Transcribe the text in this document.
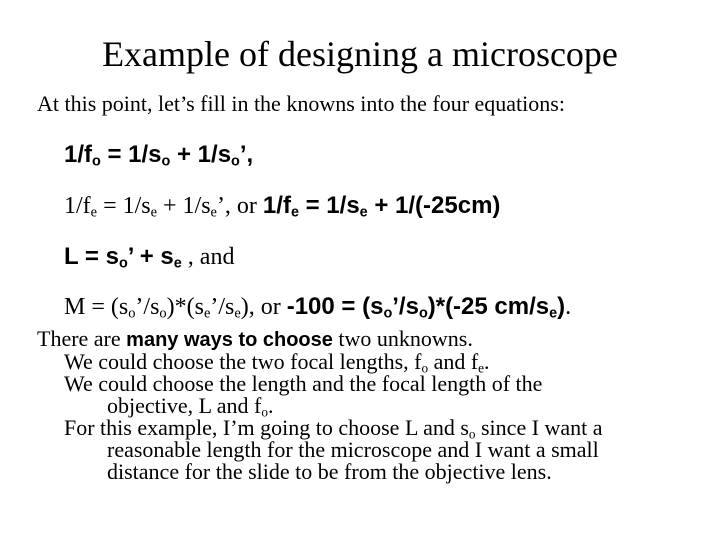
Example of designing a microscope
At this point, let’s fill in the knowns into the four equations:
$1/f_o = 1/s_o + 1/s_o$’,
$1/f_e = 1/s_e + 1/s_e$’, or $1/f_e = 1/s_e + 1/(-25cm)$
$L = s_o$’ + $s_e$ , and
$M = (s_o’/s_o)*(s_e’/s_e)$, or $-100 = (s_o’/s_o)*(-25$ $cm/s_e$).
There are many ways to choose two unknowns.
We could choose the two focal lengths, $f_o$ and $f_e$.
We could choose the length and the focal length of the
objective, L and $f_o$.
For this example, I’m going to choose L and $s_o$ since I want a
reasonable length for the microscope and I want a small
distance for the slide to be from the objective lens.
